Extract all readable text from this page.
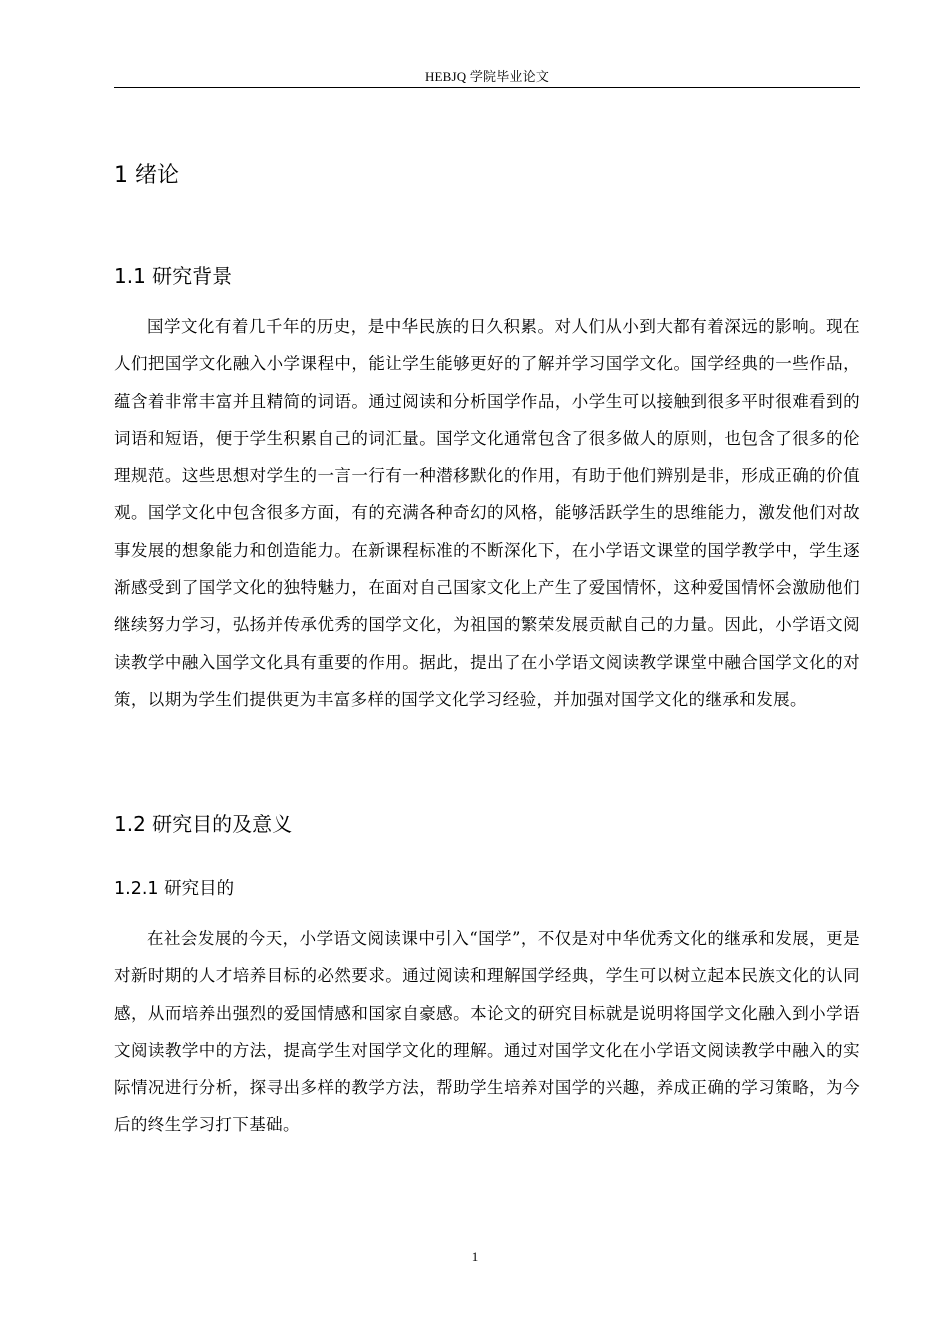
HEBJQ 学院毕业论文
1 绪论
1.1 研究背景

国学文化有着几千年的历史，是中华民族的日久积累。对人们从小到大都有着深远的影响。现在人们把国学文化融入小学课程中，能让学生能够更好的了解并学习国学文化。国学经典的一些作品，蕴含着非常丰富并且精简的词语。通过阅读和分析国学作品，小学生可以接触到很多平时很难看到的词语和短语，便于学生积累自己的词汇量。国学文化通常包含了很多做人的原则，也包含了很多的伦理规范。这些思想对学生的一言一行有一种潜移默化的作用，有助于他们辨别是非，形成正确的价值观。国学文化中包含很多方面，有的充满各种奇幻的风格，能够活跃学生的思维能力，激发他们对故事发展的想象能力和创造能力。在新课程标准的不断深化下，在小学语文课堂的国学教学中，学生逐渐感受到了国学文化的独特魅力，在面对自己国家文化上产生了爱国情怀，这种爱国情怀会激励他们继续努力学习，弘扬并传承优秀的国学文化，为祖国的繁荣发展贡献自己的力量。因此，小学语文阅读教学中融入国学文化具有重要的作用。据此，提出了在小学语文阅读教学课堂中融合国学文化的对策，以期为学生们提供更为丰富多样的国学文化学习经验，并加强对国学文化的继承和发展。

1.2 研究目的及意义
1.2.1 研究目的

在社会发展的今天，小学语文阅读课中引入“国学”，不仅是对中华优秀文化的继承和发展，更是对新时期的人才培养目标的必然要求。通过阅读和理解国学经典，学生可以树立起本民族文化的认同感，从而培养出强烈的爱国情感和国家自豪感。本论文的研究目标就是说明将国学文化融入到小学语文阅读教学中的方法，提高学生对国学文化的理解。通过对国学文化在小学语文阅读教学中融入的实际情况进行分析，探寻出多样的教学方法，帮助学生培养对国学的兴趣，养成正确的学习策略，为今后的终生学习打下基础。

1
